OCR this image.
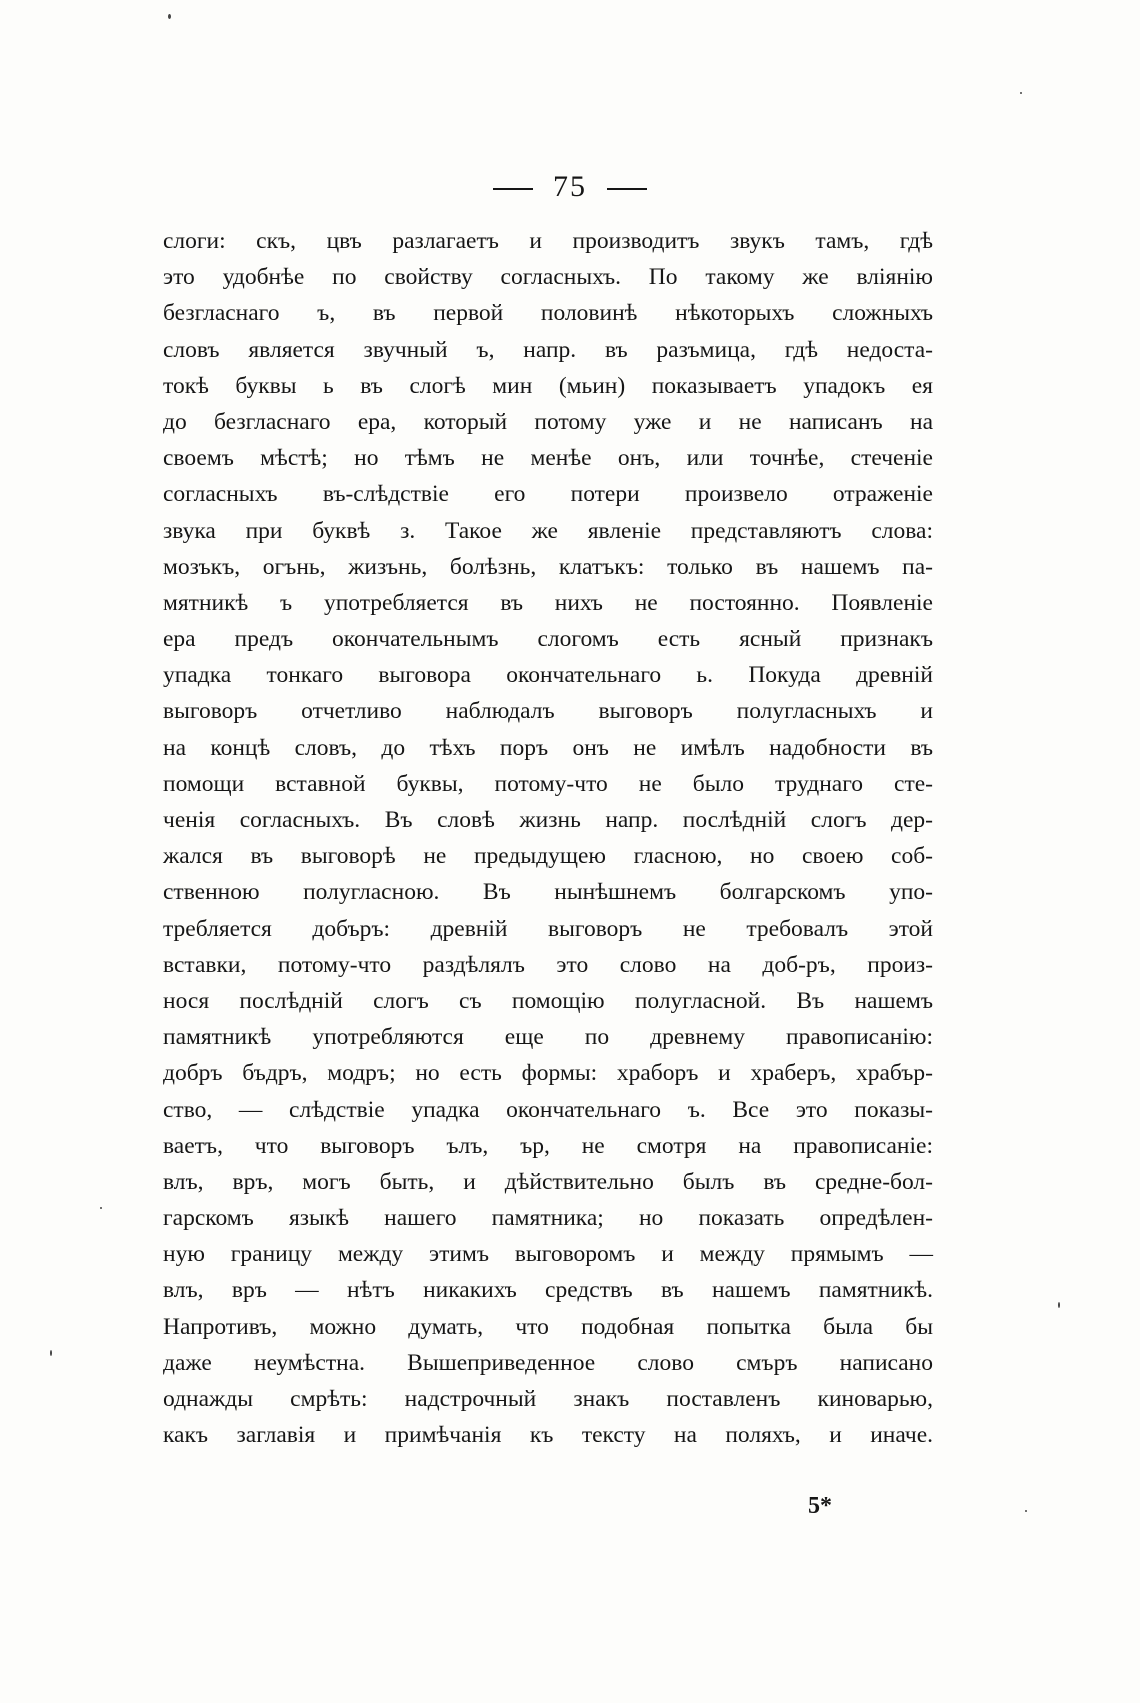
75
слоги: скъ, цвъ разлагаетъ и производитъ звукъ тамъ, гдѣ
это удобнѣе по свойству согласныхъ. По такому же влiянiю
безгласнаго ъ, въ первой половинѣ нѣкоторыхъ сложныхъ
словъ является звучный ъ, напр. въ разъмица, гдѣ недоста-
токѣ буквы ь въ слогѣ мин (мьин) показываетъ упадокъ ея
до безгласнаго ера, который потому уже и не написанъ на
своемъ мѣстѣ; но тѣмъ не менѣе онъ, или точнѣе, стеченiе
согласныхъ въ-слѣдствiе его потери произвело отраженiе
звука при буквѣ з. Такое же явленiе представляютъ слова:
мозъкъ, огънь, жизънь, болѣзнь, клатъкъ: только въ нашемъ па-
мятникѣ ъ употребляется въ нихъ не постоянно. Появленiе
ера предъ окончательнымъ слогомъ есть ясный признакъ
упадка тонкаго выговора окончательнаго ь. Покуда древнiй
выговоръ отчетливо наблюдалъ выговоръ полугласныхъ и
на концѣ словъ, до тѣхъ поръ онъ не имѣлъ надобности въ
помощи вставной буквы, потому-что не было труднаго сте-
ченiя согласныхъ. Въ словѣ жизнь напр. послѣднiй слогъ дер-
жался въ выговорѣ не предыдущею гласною, но своею соб-
ственною полугласною. Въ нынѣшнемъ болгарскомъ упо-
требляется добъръ: древнiй выговоръ не требовалъ этой
вставки, потому-что раздѣлялъ это слово на доб-ръ, произ-
нося послѣднiй слогъ съ помощiю полугласной. Въ нашемъ
памятникѣ употребляются еще по древнему правописанiю:
добръ бъдръ, модръ; но есть формы: храборъ и храберъ, храбър-
ство, — слѣдствiе упадка окончательнаго ъ. Все это показы-
ваетъ, что выговоръ ълъ, ър, не смотря на правописанiе:
влъ, връ, могъ быть, и дѣйствительно былъ въ средне-бол-
гарскомъ языкѣ нашего памятника; но показать опредѣлен-
ную границу между этимъ выговоромъ и между прямымъ —
влъ, връ — нѣтъ никакихъ средствъ въ нашемъ памятникѣ.
Напротивъ, можно думать, что подобная попытка была бы
даже неумѣстна. Вышеприведенное слово смъръ написано
однажды смрѣть: надстрочный знакъ поставленъ киноварью,
какъ заглавiя и примѣчанiя къ тексту на поляхъ, и иначе.
5*
